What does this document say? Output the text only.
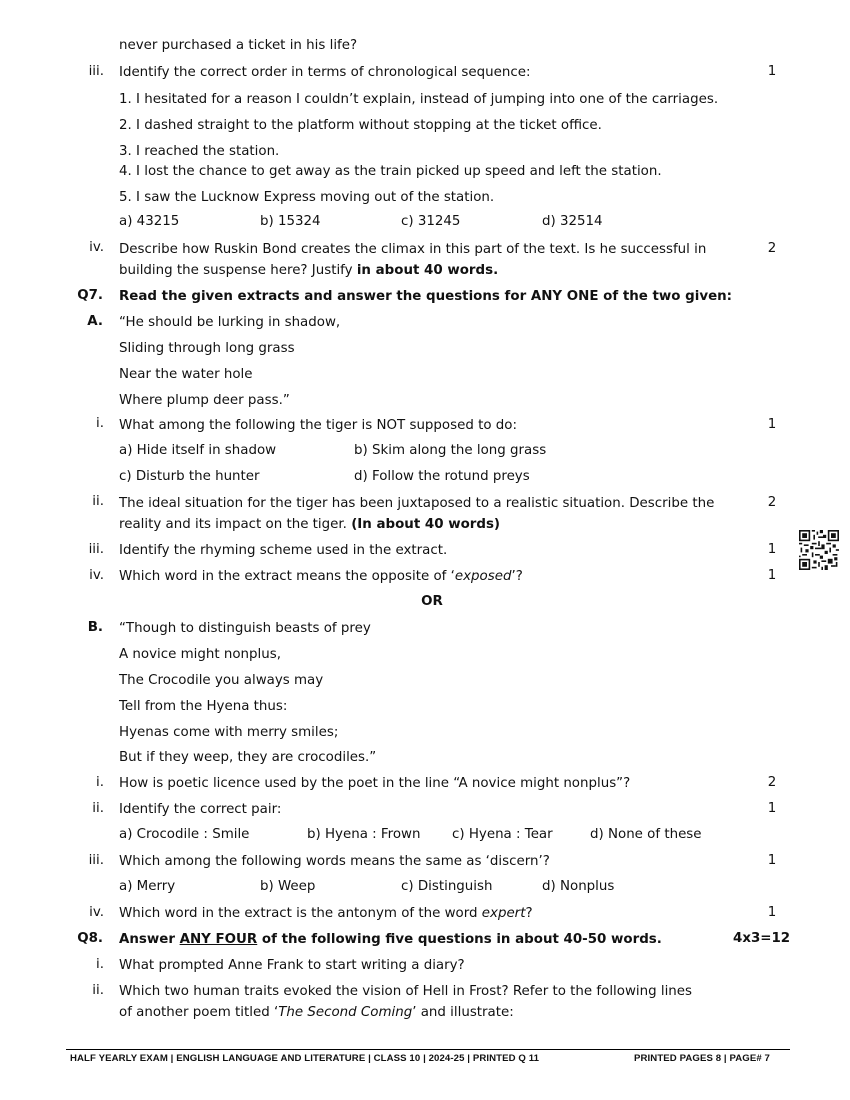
never purchased a ticket in his life?
iii. Identify the correct order in terms of chronological sequence:	1
1. I hesitated for a reason I couldn’t explain, instead of jumping into one of the carriages.
2. I dashed straight to the platform without stopping at the ticket office.
3. I reached the station.
4. I lost the chance to get away as the train picked up speed and left the station.
5. I saw the Lucknow Express moving out of the station.
a) 43215	b) 15324	c) 31245	d) 32514
iv. Describe how Ruskin Bond creates the climax in this part of the text. Is he successful in
building the suspense here? Justify in about 40 words.
2
Q7. Read the given extracts and answer the questions for ANY ONE of the two given:
A. “He should be lurking in shadow,
Sliding through long grass
Near the water hole
Where plump deer pass.”
i. What among the following the tiger is NOT supposed to do:	1
a) Hide itself in shadow	b) Skim along the long grass
c) Disturb the hunter	d) Follow the rotund preys
ii. The ideal situation for the tiger has been juxtaposed to a realistic situation. Describe the
reality and its impact on the tiger. (In about 40 words)
2
iii. Identify the rhyming scheme used in the extract.	1
iv. Which word in the extract means the opposite of ‘exposed’?	1
OR
B. “Though to distinguish beasts of prey
A novice might nonplus,
The Crocodile you always may
Tell from the Hyena thus:
Hyenas come with merry smiles;
But if they weep, they are crocodiles.”
i. How is poetic licence used by the poet in the line “A novice might nonplus”?	2
ii. Identify the correct pair:	1
a) Crocodile : Smile	b) Hyena : Frown c) Hyena : Tear	d) None of these
iii. Which among the following words means the same as ‘discern’?	1
a) Merry	b) Weep	c) Distinguish	d) Nonplus
iv. Which word in the extract is the antonym of the word expert?	1
Q8. Answer ANY FOUR of the following five questions in about 40-50 words.	4x3=12
i. What prompted Anne Frank to start writing a diary?
ii. Which two human traits evoked the vision of Hell in Frost? Refer to the following lines
of another poem titled ‘The Second Coming’ and illustrate:
HALF YEARLY EXAM | ENGLISH LANGUAGE AND LITERATURE | CLASS 10 | 2024-25 | PRINTED Q 11	PRINTED PAGES 8 | PAGE# 7
